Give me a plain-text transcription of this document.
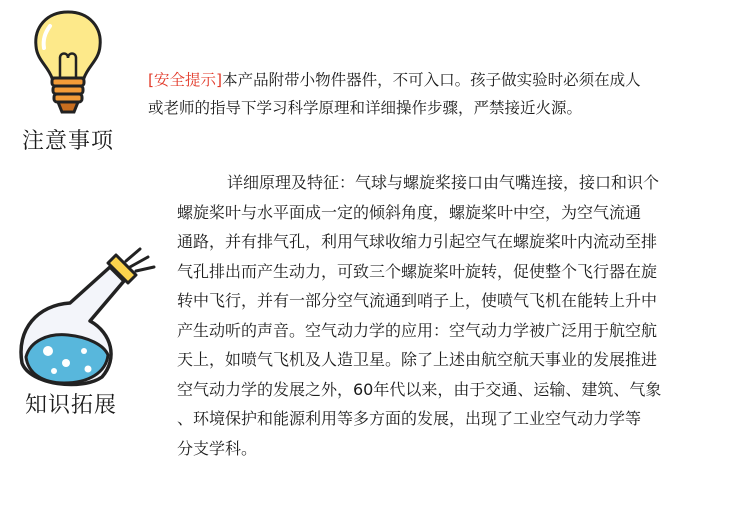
注意事项
知识拓展
[安全提示]本产品附带小物件器件，不可入口。孩子做实验时必须在成人
或老师的指导下学习科学原理和详细操作步骤，严禁接近火源。
详细原理及特征：气球与螺旋桨接口由气嘴连接，接口和识个
螺旋桨叶与水平面成一定的倾斜角度，螺旋桨叶中空，为空气流通
通路，并有排气孔，利用气球收缩力引起空气在螺旋桨叶内流动至排
气孔排出而产生动力，可致三个螺旋桨叶旋转，促使整个飞行器在旋
转中飞行，并有一部分空气流通到哨子上，使喷气飞机在能转上升中
产生动听的声音。空气动力学的应用：空气动力学被广泛用于航空航
天上，如喷气飞机及人造卫星。除了上述由航空航天事业的发展推进
空气动力学的发展之外，60年代以来，由于交通、运输、建筑、气象
、环境保护和能源利用等多方面的发展，出现了工业空气动力学等
分支学科。
